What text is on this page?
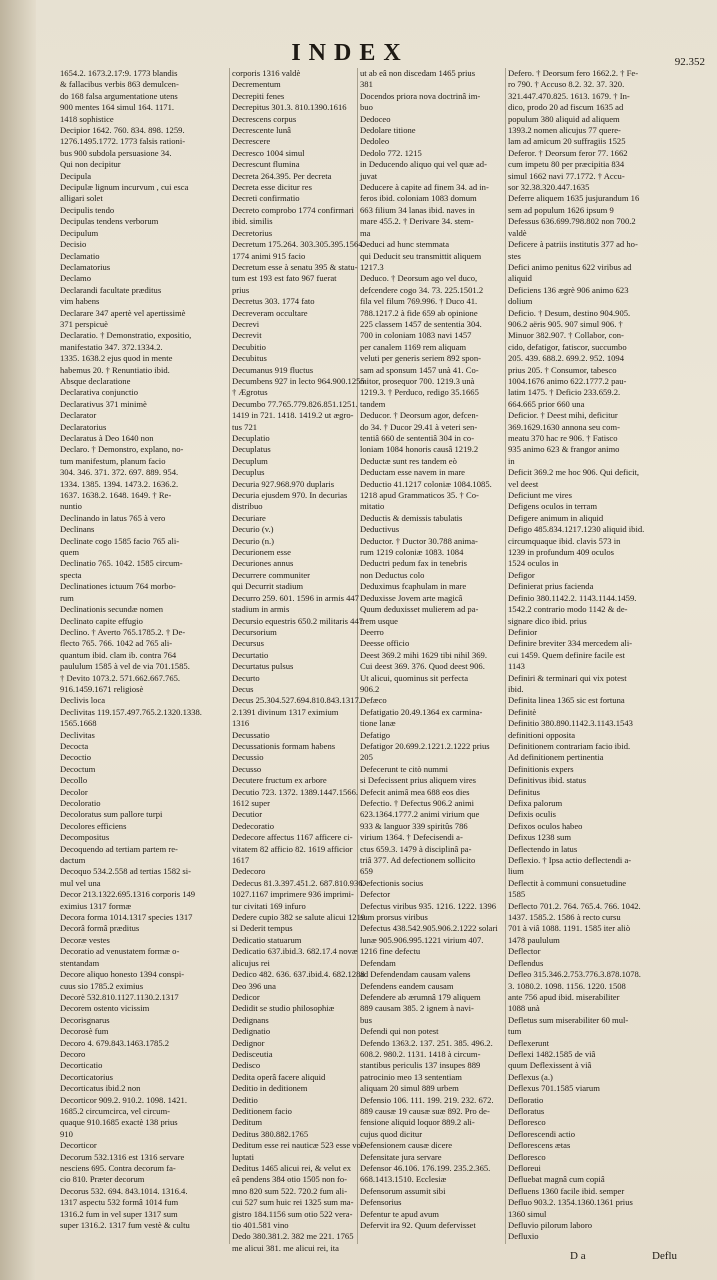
INDEX	92.352
1654.2. 1673.2.17:9. 1773 blandis
& fallacibus verbis 863 demulcen-
do 168 falsa argumentatione utens
900 mentes 164 simul 164. 1171.
1418 sophistice
Decipior 1642. 760. 834. 898. 1259.
1276.1495.1772. 1773 falsis rationi-
bus 900 subdola persuasione 34.
Qui non decipitur
Decipula
Decipulæ lignum incurvum , cui esca
alligari solet
Decipulis tendo
Decipulas tendens verborum
Decipulum
Decisio
Declamatio
Declamatorius
Declamo
Declarandi facultate præditus
vim habens
Declarare 347 apertè vel apertissimè
371 perspicuè
Declaratio. † Demonstratio, expositio,
manifestatio 347. 372.1334.2.
1335. 1638.2 ejus quod in mente
habemus 20. † Renuntiatio ibid.
Absque declaratione
Declarativa conjunctio
Declarativus 371 minimè
Declarator
Declaratorius
Declaratus à Deo 1640 non
Declaro. † Demonstro, explano, no-
tum manifestum, planum facio
304. 346. 371. 372. 697. 889. 954.
1334. 1385. 1394. 1473.2. 1636.2.
1637. 1638.2. 1648. 1649. † Re-
nuntio
Declinando in latus 765 à vero
Declinans
Declinate cogo 1585 facio 765 ali-
quem
Declinatio 765. 1042. 1585 circum-
specta
Declinationes ictuum 764 morbo-
rum
Declinationis secundæ nomen
Declinato capite effugio
Declino. † Averto 765.1785.2. † De-
flecto 765. 766. 1042 ad 765 ali-
quantum ibid. clam ib. contra 764
paululum 1585 à vel de via 701.1585.
† Devito 1073.2. 571.662.667.765.
916.1459.1671 religiosè
Declivis loca
Declivitas 119.157.497.765.2.1320.1338.
1565.1668
Declivitas
Decocta
Decoctio
Decoctum
Decollo
Decolor
Decoloratio
Decoloratus sum pallore turpi
Decolores efficiens
Decompositus
Decoquendo ad tertiam partem re-
dactum
Decoquo 534.2.558 ad tertias 1582 si-
mul vel una
Decor 213.1322.695.1316 corporis 149
eximius 1317 formæ
Decora forma 1014.1317 species 1317
Decorâ formâ præditus
Decoræ vestes
Decoratio ad venustatem formæ o-
stentandam
Decore aliquo honesto 1394 conspi-
cuus sio 1785.2 eximius
Decorè 532.810.1127.1130.2.1317
Decorem ostento vicissim
Decorisgnarus
Decorosè fum
Decoro 4. 679.843.1463.1785.2
Decoro
Decorticatio
Decorticatorius
Decorticatus ibid.2 non
Decorticor 909.2. 910.2. 1098. 1421.
1685.2 circumcirca, vel circum-
quaque 910.1685 exactè 138 prius
910
Decorticor
Decorum 532.1316 est 1316 servare
nesciens 695. Contra decorum fa-
cio 810. Præter decorum
Decorus 532. 694. 843.1014. 1316.4.
1317 aspectu 532 formâ 1014 fum
1316.2 fum in vel super 1317 sum
super 1316.2. 1317 fum vestè & cultu
corporis 1316 valdè
Decrementum
Decrepiti fenes
Decrepitus 301.3. 810.1390.1616
Decrescens corpus
Decrescente lunâ
Decrescere
Decresco 1004 simul
Decrescunt flumina
Decreta 264.395. Per decreta
Decreta esse dicitur res
Decreti confirmatio
Decreto comprobo 1774 confirmari
ibid. similis
Decretorius
Decretum 175.264. 303.305.395.1564.
1774 animi 915 facio
Decretum esse à senatu 395 & statu-
tum est 193 est fato 967 fuerat
prius
Decretus 303. 1774 fato
Decreveram occultare
Decrevi
Decrevit
Decubitio
Decubitus
Decumanus 919 fluctus
Decumbens 927 in lecto 964.900.1255
† Ægrotus
Decumbo 77.765.779.826.851.1251.
1419 in 721. 1418. 1419.2 ut ægro-
tus 721
Decuplatio
Decuplatus
Decuplum
Decuplus
Decuria 927.968.970 duplaris
Decuria ejusdem 970. In decurias
distribuo
Decuriare
Decurio (v.)
Decurio (n.)
Decurionem esse
Decuriones annus
Decurrere communiter
qui Decurrit stadium
Decurro 259. 601. 1596 in armis 447
stadium in armis
Decursio equestris 650.2 militaris 447
Decursorium
Decursus
Decurtatio
Decurtatus pulsus
Decurto
Decus
Decus 25.304.527.694.810.843.1317.
2.1391 divinum 1317 eximium
1316
Decussatio
Decussationis formam habens
Decussio
Decusso
Decutere fructum ex arbore
Decutio 723. 1372. 1389.1447.1566.
1612 super
Decutior
Dedecoratio
Dedecore affectus 1167 afficere ci-
vitatem 82 afficio 82. 1619 afficior
1617
Dedecoro
Dedecus 81.3.397.451.2. 687.810.936.
1027.1167 imprimere 936 imprimi-
tur civitati 169 infuro
Dedere cupio 382 se salute alicui 1219
si Dederit tempus
Dedicatio statuarum
Dedicatio 637.ibid.3. 682.17.4 novæ
alicujus rei
Dedico 482. 636. 637.ibid.4. 682.1288
Deo 396 una
Dedicor
Dedidit se studio philosophiæ
Dedignans
Dedignatio
Dedignor
Dedisceutia
Dedisco
Dedita operâ facere aliquid
Deditio in deditionem
Deditio
Deditionem facio
Deditum
Deditus 380.882.1765
Deditum esse rei nauticæ 523 esse vo-
luptati
Deditus 1465 alicui rei, & velut ex
eâ pendens 384 otio 1505 non fo-
mno 820 sum 522. 720.2 fum ali-
cui 527 sum huic rei 1325 sum ma-
gistro 184.1156 sum otio 522 vera-
tio 401.581 vino
Dedo 380.381.2. 382 me 221. 1765
me alicui 381. me alicui rei, ita
ut ab eâ non discedam 1465 prius
381
Docendos priora nova doctrinâ im-
buo
Dedoceo
Dedolare titione
Dedoleo
Dedolo 772. 1215
in Deducendo aliquo qui vel quæ ad-
juvat
Deducere à capite ad finem 34. ad in-
feros ibid. coloniam 1083 domum
663 filium 34 lanas ibid. naves in
mare 455.2. † Derivare 34. stem-
ma
Deduci ad hunc stemmata
qui Deducit seu transmittit aliquem
1217.3
Deduco. † Deorsum ago vel duco,
defcendere cogo 34. 73. 225.1501.2
fila vel filum 769.996. † Duco 41.
788.1217.2 à fide 659 ab opinione
225 classem 1457 de sententia 304.
700 in coloniam 1083 navi 1457
per canalem 1169 rem aliquam
veluti per generis seriem 892 spon-
sam ad sponsum 1457 unà 41. Co-
mitor, prosequor 700. 1219.3 unà
1219.3. † Perduco, redigo 35.1665
tandem
Deducor. † Deorsum agor, defcen-
do 34. † Ducor 29.41 à veteri sen-
tentiâ 660 de sententiâ 304 in co-
loniam 1084 honoris causâ 1219.2
Deductæ sunt res tandem eò
Deductam esse navem in mare
Deductio 41.1217 coloniæ 1084.1085.
1218 apud Grammaticos 35. † Co-
mitatio
Deductis & demissis tabulatis
Deductivus
Deductor. † Ductor 30.788 anima-
rum 1219 coloniæ 1083. 1084
Deductri pedum fax in tenebris
non Deductus colo
Deduximus fcaphulam in mare
Deduxisse Jovem arte magicâ
Quum deduxisset mulierem ad pa-
trem usque
Deerro
Deesse officio
Deest 369.2 mihi 1629 tibi nihil 369.
Cui deest 369. 376. Quod deest 906.
Ut alicui, quominus sit perfecta
906.2
Defæco
Defatigatio 20.49.1364 ex carmina-
tione lanæ
Defatigo
Defatigor 20.699.2.1221.2.1222 prius
205
Defecerunt te citò nummi
si Defecissent prius aliquem vires
Defecit animâ mea 688 eos dies
Defectio. † Defectus 906.2 animi
623.1364.1777.2 animi virium que
933 & languor 339 spiritûs 786
virium 1364. † Defecisendi a-
ctus 659.3. 1479 à disciplinâ pa-
triâ 377. Ad defectionem sollicito
659
Defectionis socius
Defector
Defectus viribus 935. 1216. 1222. 1396
sum prorsus viribus
Defectus 438.542.905.906.2.1222 solari
lunæ 905.906.995.1221 virium 407.
1216 fine defectu
Defendam
ad Defendendam causam valens
Defendens eandem causam
Defendere ab ærumnâ 179 aliquem
889 causam 385. 2 ignem à navi-
bus
Defendi qui non potest
Defendo 1363.2. 137. 251. 385. 496.2.
608.2. 980.2. 1131. 1418 à circum-
stantibus periculis 137 insupes 889
patrocinio meo 13 sententiam
aliquam 20 simul 889 urbem
Defensio 106. 111. 199. 219. 232. 672.
889 causæ 19 causæ suæ 892. Pro de-
fensione aliquid loquor 889.2 ali-
cujus quod dicitur
Defensionem causæ dicere
Defensitate jura servare
Defensor 46.106. 176.199. 235.2.365.
668.1413.1510. Ecclesiæ
Defensorum assumit sibi
Defensorius
Defentur te apud avum
Defervit ira 92. Quum defervisset
Defero. † Deorsum fero 1662.2. † Fe-
ro 790. † Accuso 8.2. 32. 37. 320.
321.447.470.825. 1613. 1679. † In-
dico, prodo 20 ad fiscum 1635 ad
populum 380 aliquid ad aliquem
1393.2 nomen alicujus 77 quere-
lam ad amicum 20 suffragiis 1525
Deferor. † Deorsum feror 77. 1662
cum impetu 80 per præcipitia 834
simul 1662 navi 77.1772. † Accu-
sor 32.38.320.447.1635
Deferre aliquem 1635 jusjurandum 16
sem ad populum 1626 ipsum 9
Defessus 636.699.798.802 non 700.2
valdè
Deficere à patriis institutis 377 ad ho-
stes
Defici animo penitus 622 viribus ad
aliquid
Deficiens 136 ægrè 906 animo 623
dolium
Deficio. † Desum, destino 904.905.
906.2 aëris 905. 907 simul 906. †
Minuor 382.907. † Collabor, con-
cido, defatigor, fatiscor, succumbo
205. 439. 688.2. 699.2. 952. 1094
prius 205. † Consumor, tabesco
1004.1676 animo 622.1777.2 pau-
latim 1475. † Deficio 233.659.2.
664.665 prior 660 una
Deficior. † Deest mihi, deficitur
369.1629.1630 annona seu com-
meatu 370 hac re 906. † Fatisco
935 animo 623 & frangor animo
in
Deficit 369.2 me hoc 906. Qui deficit,
vel deest
Deficiunt me vires
Defigens oculos in terram
Defigere animum in aliquid
Defigo 485.834.1217.1230 aliquid ibid.
circumquaque ibid. clavis 573 in
1239 in profundum 409 oculos
1524 oculos in
Defigor
Definierat prius facienda
Definio 380.1142.2. 1143.1144.1459.
1542.2 contrario modo 1142 & de-
signare dico ibid. prius
Definior
Definire breviter 334 mercedem ali-
cui 1459. Quem definire facile est
1143
Definiri & terminari qui vix potest
ibid.
Definita linea 1365 sic est fortuna
Definitè
Definitio 380.890.1142.3.1143.1543
definitioni opposita
Definitionem contrariam facio ibid.
Ad definitionem pertinentia
Definitionis expers
Definitivus ibid. status
Definitus
Defixa palorum
Defixis oculis
Defixos oculos habeo
Defixus 1238 sum
Deflectendo in latus
Deflexio. † Ipsa actio deflectendi a-
lium
Deflectit à communi consuetudine
1585
Deflecto 701.2. 764. 765.4. 766. 1042.
1437. 1585.2. 1586 à recto cursu
701 à viâ 1088. 1191. 1585 iter aliò
1478 paululum
Deflector
Deflendus
Defleo 315.346.2.753.776.3.878.1078.
3. 1080.2. 1098. 1156. 1220. 1508
ante 756 apud ibid. miserabiliter
1088 unà
Defletus sum miserabiliter 60 mul-
tum
Deflexerunt
Deflexi 1482.1585 de viâ
quum Deflexissent à viâ
Deflexus (a.)
Deflexus 701.1585 viarum
Defloratio
Defloratus
Defloresco
Deflorescendi actio
Deflorescens ætas
Defloresco
Defloreui
Defluebat magnâ cum copiâ
Defluens 1360 facile ibid. semper
Defluo 903.2. 1354.1360.1361 prius
1360 simul
Defluvio pilorum laboro
Defluxio
D a	Deflu
